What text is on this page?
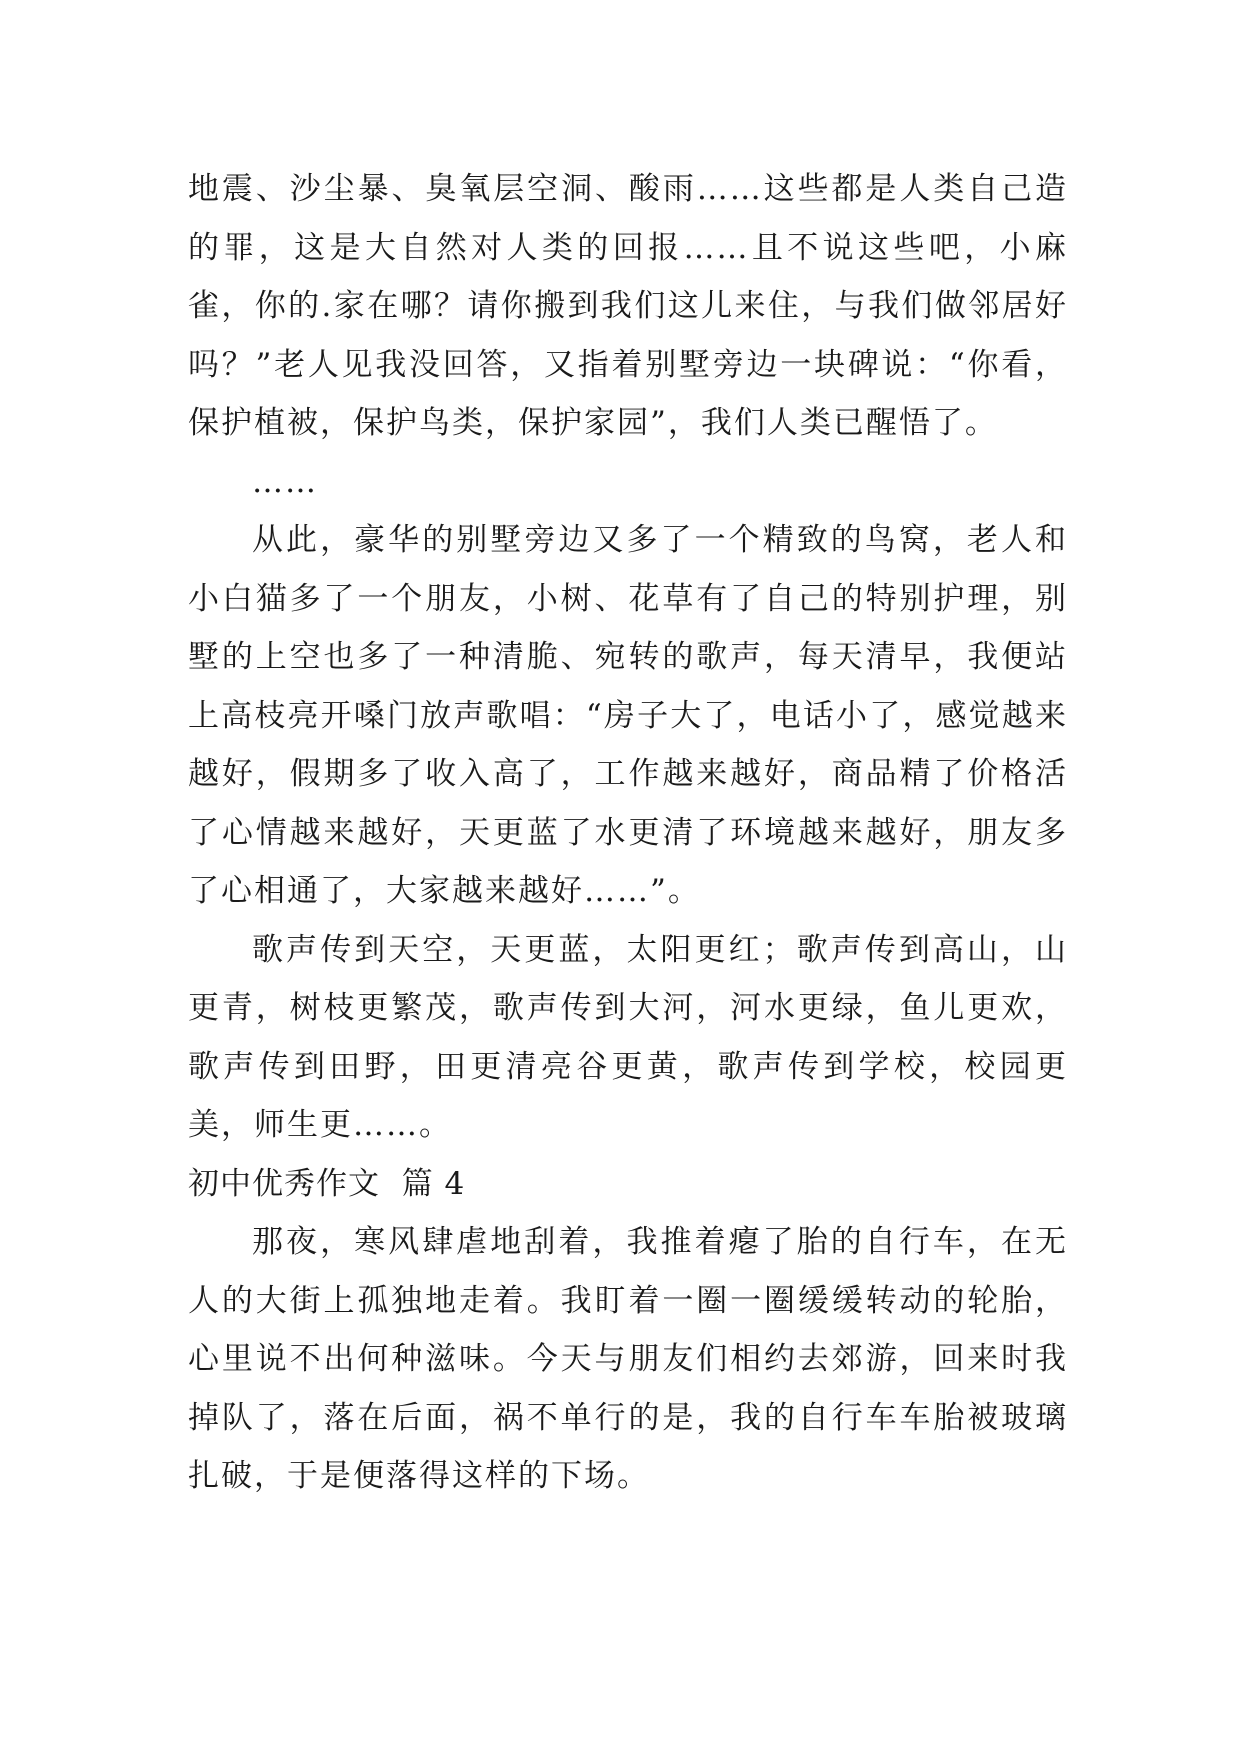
地震、沙尘暴、臭氧层空洞、酸雨……这些都是人类自己造的罪，这是大自然对人类的回报……且不说这些吧，小麻雀，你的.家在哪？请你搬到我们这儿来住，与我们做邻居好吗？”老人见我没回答，又指着别墅旁边一块碑说：“你看，保护植被，保护鸟类，保护家园”，我们人类已醒悟了。

……

从此，豪华的别墅旁边又多了一个精致的鸟窝，老人和小白猫多了一个朋友，小树、花草有了自己的特别护理，别墅的上空也多了一种清脆、宛转的歌声，每天清早，我便站上高枝亮开嗓门放声歌唱：“房子大了，电话小了，感觉越来越好，假期多了收入高了，工作越来越好，商品精了价格活了心情越来越好，天更蓝了水更清了环境越来越好，朋友多了心相通了，大家越来越好……”。

歌声传到天空，天更蓝，太阳更红；歌声传到高山，山更青，树枝更繁茂，歌声传到大河，河水更绿，鱼儿更欢，歌声传到田野，田更清亮谷更黄，歌声传到学校，校园更美，师生更……。

初中优秀作文  篇 4

那夜，寒风肆虐地刮着，我推着瘪了胎的自行车，在无人的大街上孤独地走着。我盯着一圈一圈缓缓转动的轮胎，心里说不出何种滋味。今天与朋友们相约去郊游，回来时我掉队了，落在后面，祸不单行的是，我的自行车车胎被玻璃扎破，于是便落得这样的下场。
